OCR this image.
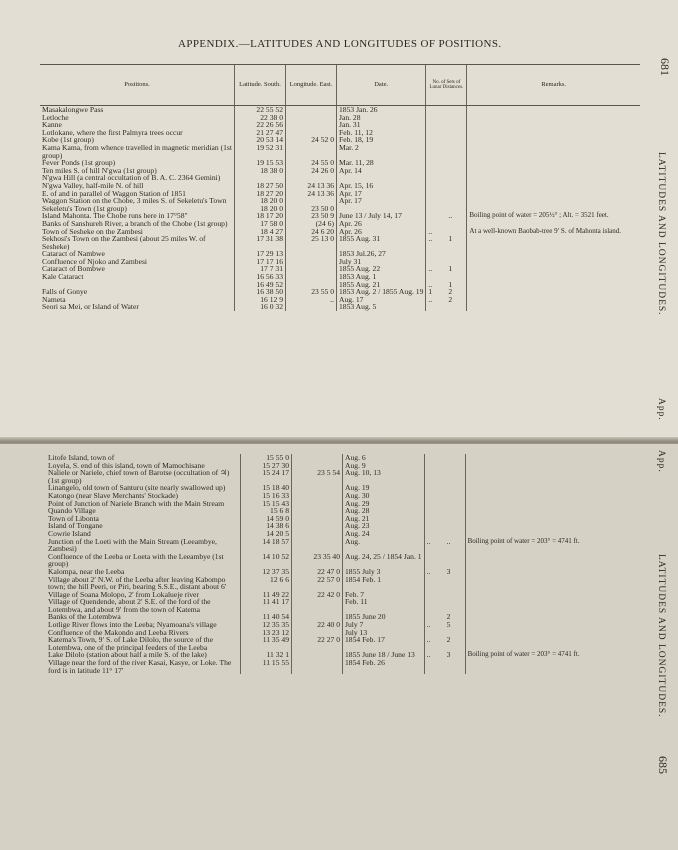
APPENDIX.—LATITUDES AND LONGITUDES OF POSITIONS.
681
LATITUDES AND LONGITUDES.
App.
Positions.	Latitude. South.	Longitude. East.	Date.	No. of Sets of Lunar Distances.		Remarks.
Masakalongwe Pass	22 55 52		1853 Jan. 26			
Letloche	22 38 0		Jan. 28			
Kanne	22 26 56		Jan. 31			
Lotlokane, where the first Palmyra trees occur	21 27 47		Feb. 11, 12			
Kobe (1st group)	20 53 14	24 52 0	Feb. 18, 19			
Kama Kama, from whence travelled in magnetic meridian (1st group)	19 52 31		Mar. 2			
Fever Ponds (1st group)	19 15 53	24 55 0	Mar. 11, 28			
Ten miles S. of hill N'gwa (1st group)	18 38 0	24 26 0	Apr. 14			
N'gwa Hill (a central occultation of B. A. C. 2364 Gemini)						
N'gwa Valley, half-mile N. of hill	18 27 50	24 13 36	Apr. 15, 16			
E. of and in parallel of Waggon Station of 1851	18 27 20	24 13 36	Apr. 17			
Waggon Station on the Chobe, 3 miles S. of Sekeletu's Town	18 20 0		Apr. 17			
Sekeletu's Town (1st group)	18 20 0	23 50 0				
Island Mahonta. The Chobe runs here in 17°58″	18 17 20	23 50 9	June 13 / July 14, 17		..	Boiling point of water = 205½° ; Alt. = 3521 feet.
Banks of Sanshureh River, a branch of the Chobe (1st group)	17 58 0	(24 6)	Apr. 26			
Town of Sesheke on the Zambesi	18 4 27	24 6 20	Apr. 26	..		At a well-known Baobab-tree 9′ S. of Mahonta island.
Sekhosi's Town on the Zambesi (about 25 miles W. of Sesheke)	17 31 38	25 13 0	1855 Aug. 31	..	1	
Cataract of Nambwe	17 29 13		1853 Jul.26, 27			
Confluence of Njoko and Zambesi	17 17 16		July 31			
Cataract of Bombwe	17 7 31		1855 Aug. 22	..	1	
Kale Cataract	16 56 33		1853 Aug. 1			
	16 49 52		1855 Aug. 21	..	1	
Falls of Gonye	16 38 50	23 55 0	1853 Aug. 2 / 1855 Aug. 19	1	2	
Nameta	16 12 9	..	Aug. 17	..	2	
Seori sa Mei, or Island of Water	16 0 32		1853 Aug. 5			
685
LATITUDES AND LONGITUDES.
App.
Litofe Island, town of	15 55 0		Aug. 6			
Loyela, S. end of this island, town of Mamochisane	15 27 30		Aug. 9			
Naliele or Nariele, chief town of Barotse (occultation of ♃) (1st group)	15 24 17	23 5 54	Aug. 10, 13			
Linangelo, old town of Santuru (site nearly swallowed up)	15 18 40		Aug. 19			
Katongo (near Slave Merchants' Stockade)	15 16 33		Aug. 30			
Point of Junction of Nariele Branch with the Main Stream	15 15 43		Aug. 29			
Quando Village	15 6 8		Aug. 28			
Town of Libonta	14 59 0		Aug. 21			
Island of Tongane	14 38 6		Aug. 23			
Cowrie Island	14 20 5		Aug. 24			
Junction of the Loeti with the Main Stream (Leeambye, Zambesi)	14 18 57		Aug.	..	..	Boiling point of water = 203° = 4741 ft.
Confluence of the Leeba or Loeta with the Leeambye (1st group)	14 10 52	23 35 40	Aug. 24, 25 / 1854 Jan. 1			
Kalompa, near the Leeba	12 37 35	22 47 0	1855 July 3	..	3	
Village about 2′ N.W. of the Leeba after leaving Kabompo town; the hill Peeri, or Piri, bearing S.S.E., distant about 6′	12 6 6	22 57 0	1854 Feb. 1			
Village of Soana Molopo, 2′ from Lokalueje river	11 49 22	22 42 0	Feb. 7			
Village of Quendende, about 2′ S.E. of the ford of the Lotembwa, and about 9′ from the town of Katema	11 41 17		Feb. 11			
Banks of the Lotembwa	11 40 54		1855 June 20		2	
Lotlige River flows into the Leeba; Nyamoana's village	12 35 35	22 40 0	July 7	..	5	
Confluence of the Makondo and Leeba Rivers	13 23 12		July 13			
Katema's Town, 9′ S. of Lake Dilolo, the source of the Lotembwa, one of the principal feeders of the Leeba	11 35 49	22 27 0	1854 Feb. 17	..	2	
Lake Dilolo (station about half a mile S. of the lake)	11 32 1		1855 June 18 / June 13	..	3	Boiling point of water = 203° = 4741 ft.
Village near the ford of the river Kasai, Kasye, or Loke. The ford is in latitude 11° 17′	11 15 55		1854 Feb. 26			
